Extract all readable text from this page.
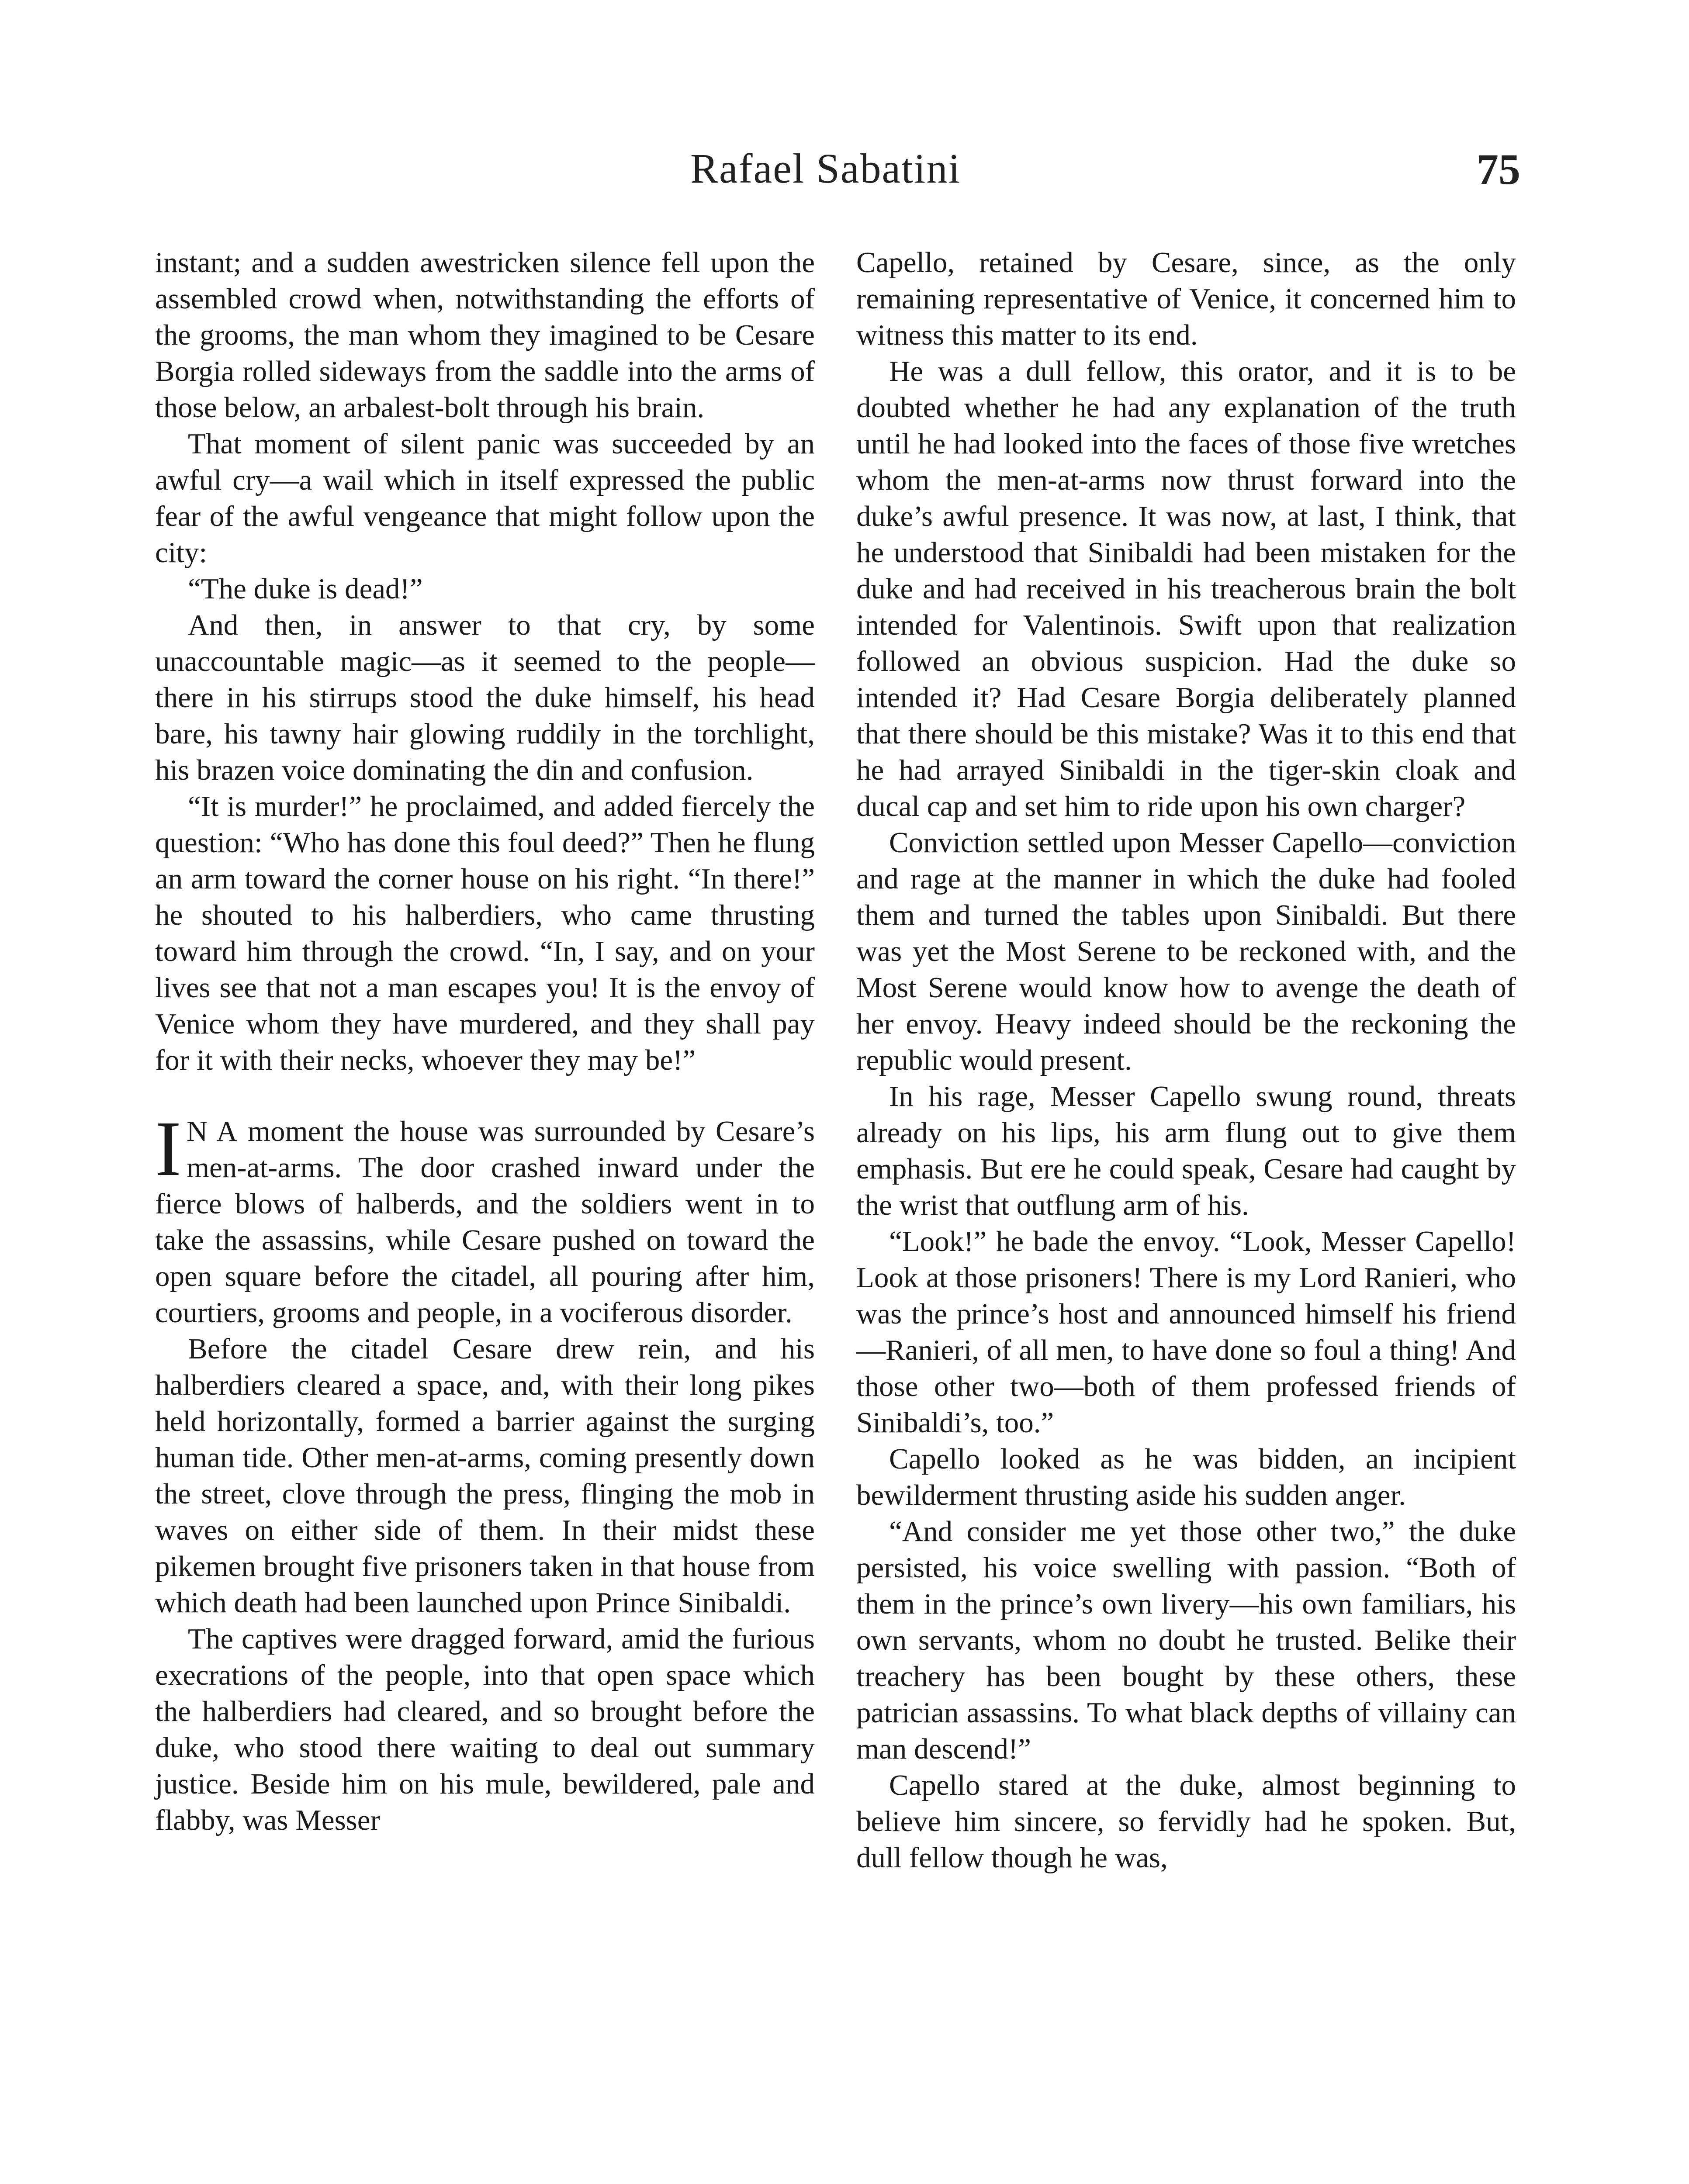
Rafael Sabatini	75

instant; and a sudden awestricken silence fell upon the assembled crowd when, notwithstanding the efforts of the grooms, the man whom they imagined to be Cesare Borgia rolled sideways from the saddle into the arms of those below, an arbalest-bolt through his brain.

That moment of silent panic was succeeded by an awful cry—a wail which in itself expressed the public fear of the awful vengeance that might follow upon the city:

“The duke is dead!”

And then, in answer to that cry, by some unaccountable magic—as it seemed to the people—there in his stirrups stood the duke himself, his head bare, his tawny hair glowing ruddily in the torchlight, his brazen voice dominating the din and confusion.

“It is murder!” he proclaimed, and added fiercely the question: “Who has done this foul deed?” Then he flung an arm toward the corner house on his right. “In there!” he shouted to his halberdiers, who came thrusting toward him through the crowd. “In, I say, and on your lives see that not a man escapes you! It is the envoy of Venice whom they have murdered, and they shall pay for it with their necks, whoever they may be!”

I N A moment the house was surrounded by Cesare’s men-at-arms. The door crashed inward under the fierce blows of halberds, and the soldiers went in to take the assassins, while Cesare pushed on toward the open square before the citadel, all pouring after him, courtiers, grooms and people, in a vociferous disorder.

Before the citadel Cesare drew rein, and his halberdiers cleared a space, and, with their long pikes held horizontally, formed a barrier against the surging human tide. Other men-at-arms, coming presently down the street, clove through the press, flinging the mob in waves on either side of them. In their midst these pikemen brought five prisoners taken in that house from which death had been launched upon Prince Sinibaldi.

The captives were dragged forward, amid the furious execrations of the people, into that open space which the halberdiers had cleared, and so brought before the duke, who stood there waiting to deal out summary justice. Beside him on his mule, bewildered, pale and flabby, was Messer

Capello, retained by Cesare, since, as the only remaining representative of Venice, it concerned him to witness this matter to its end.

He was a dull fellow, this orator, and it is to be doubted whether he had any explanation of the truth until he had looked into the faces of those five wretches whom the men-at-arms now thrust forward into the duke’s awful presence. It was now, at last, I think, that he understood that Sinibaldi had been mistaken for the duke and had received in his treacherous brain the bolt intended for Valentinois. Swift upon that realization followed an obvious suspicion. Had the duke so intended it? Had Cesare Borgia deliberately planned that there should be this mistake? Was it to this end that he had arrayed Sinibaldi in the tiger-skin cloak and ducal cap and set him to ride upon his own charger?

Conviction settled upon Messer Capello—conviction and rage at the manner in which the duke had fooled them and turned the tables upon Sinibaldi. But there was yet the Most Serene to be reckoned with, and the Most Serene would know how to avenge the death of her envoy. Heavy indeed should be the reckoning the republic would present.

In his rage, Messer Capello swung round, threats already on his lips, his arm flung out to give them emphasis. But ere he could speak, Cesare had caught by the wrist that outflung arm of his.

“Look!” he bade the envoy. “Look, Messer Capello! Look at those prisoners! There is my Lord Ranieri, who was the prince’s host and announced himself his friend—Ranieri, of all men, to have done so foul a thing! And those other two—both of them professed friends of Sinibaldi’s, too.”

Capello looked as he was bidden, an incipient bewilderment thrusting aside his sudden anger.

“And consider me yet those other two,” the duke persisted, his voice swelling with passion. “Both of them in the prince’s own livery—his own familiars, his own servants, whom no doubt he trusted. Belike their treachery has been bought by these others, these patrician assassins. To what black depths of villainy can man descend!”

Capello stared at the duke, almost beginning to believe him sincere, so fervidly had he spoken. But, dull fellow though he was,
